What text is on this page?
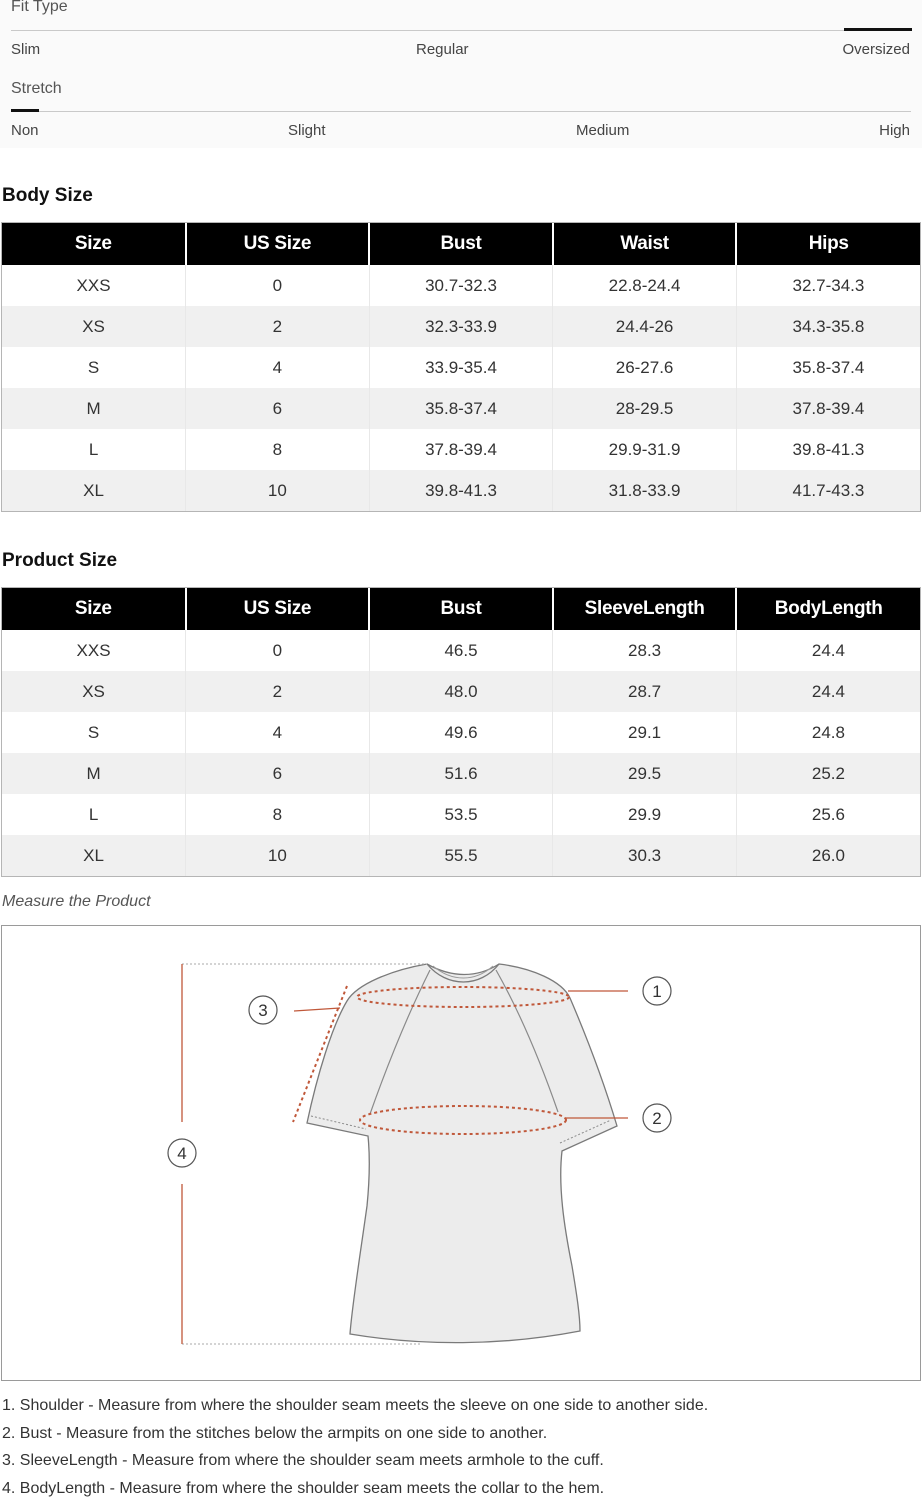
Fit Type
Slim	Regular	Oversized
Stretch
Non	Slight	Medium	High
Body Size
Size	US Size	Bust	Waist	Hips
XXS	0	30.7-32.3	22.8-24.4	32.7-34.3
XS	2	32.3-33.9	24.4-26	34.3-35.8
S	4	33.9-35.4	26-27.6	35.8-37.4
M	6	35.8-37.4	28-29.5	37.8-39.4
L	8	37.8-39.4	29.9-31.9	39.8-41.3
XL	10	39.8-41.3	31.8-33.9	41.7-43.3
Product Size
Size	US Size	Bust	SleeveLength	BodyLength
XXS	0	46.5	28.3	24.4
XS	2	48.0	28.7	24.4
S	4	49.6	29.1	24.8
M	6	51.6	29.5	25.2
L	8	53.5	29.9	25.6
XL	10	55.5	30.3	26.0
Measure the Product
1
2
3
4
1. Shoulder - Measure from where the shoulder seam meets the sleeve on one side to another side.
2. Bust - Measure from the stitches below the armpits on one side to another.
3. SleeveLength - Measure from where the shoulder seam meets armhole to the cuff.
4. BodyLength - Measure from where the shoulder seam meets the collar to the hem.
